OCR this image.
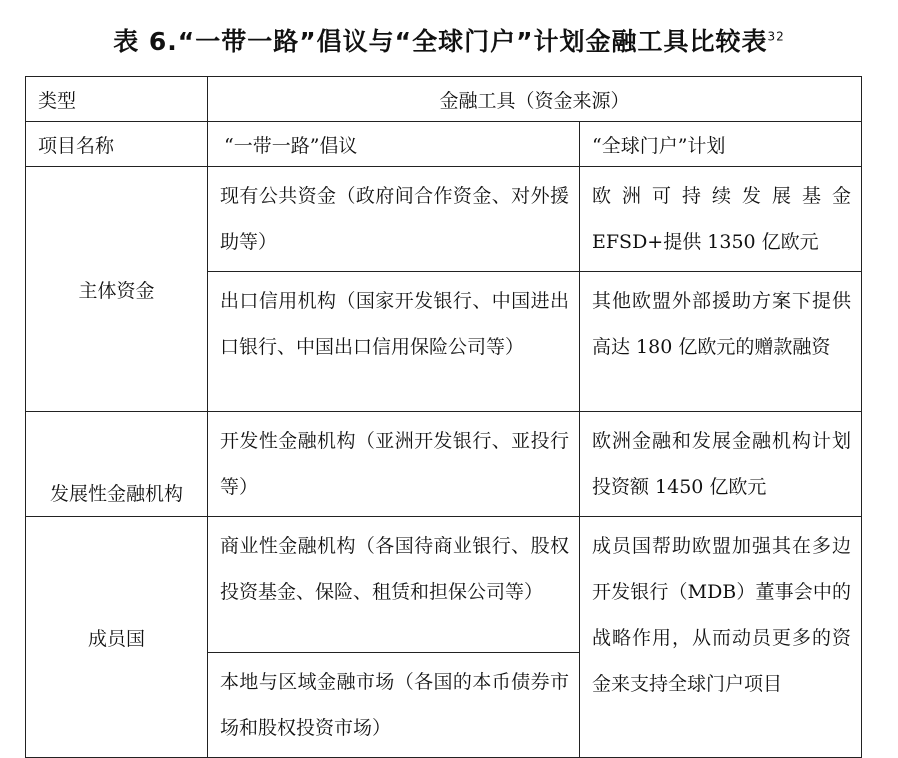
表 6.“一带一路”倡议与“全球门户”计划金融工具比较表$^{32}$
类型	金融工具（资金来源）	
项目名称	“一带一路”倡议	“全球门户”计划
主体资金	现有公共资金（政府间合作资金、对外援助等）	欧洲可持续发展基金 EFSD+提供 1350 亿欧元
	出口信用机构（国家开发银行、中国进出口银行、中国出口信用保险公司等）	其他欧盟外部援助方案下提供高达 180 亿欧元的赠款融资
发展性金融机构	开发性金融机构（亚洲开发银行、亚投行等）	欧洲金融和发展金融机构计划投资额 1450 亿欧元
成员国	商业性金融机构（各国待商业银行、股权投资基金、保险、租赁和担保公司等）	成员国帮助欧盟加强其在多边开发银行（MDB）董事会中的战略作用，从而动员更多的资金来支持全球门户项目
	本地与区域金融市场（各国的本币债券市场和股权投资市场）	
